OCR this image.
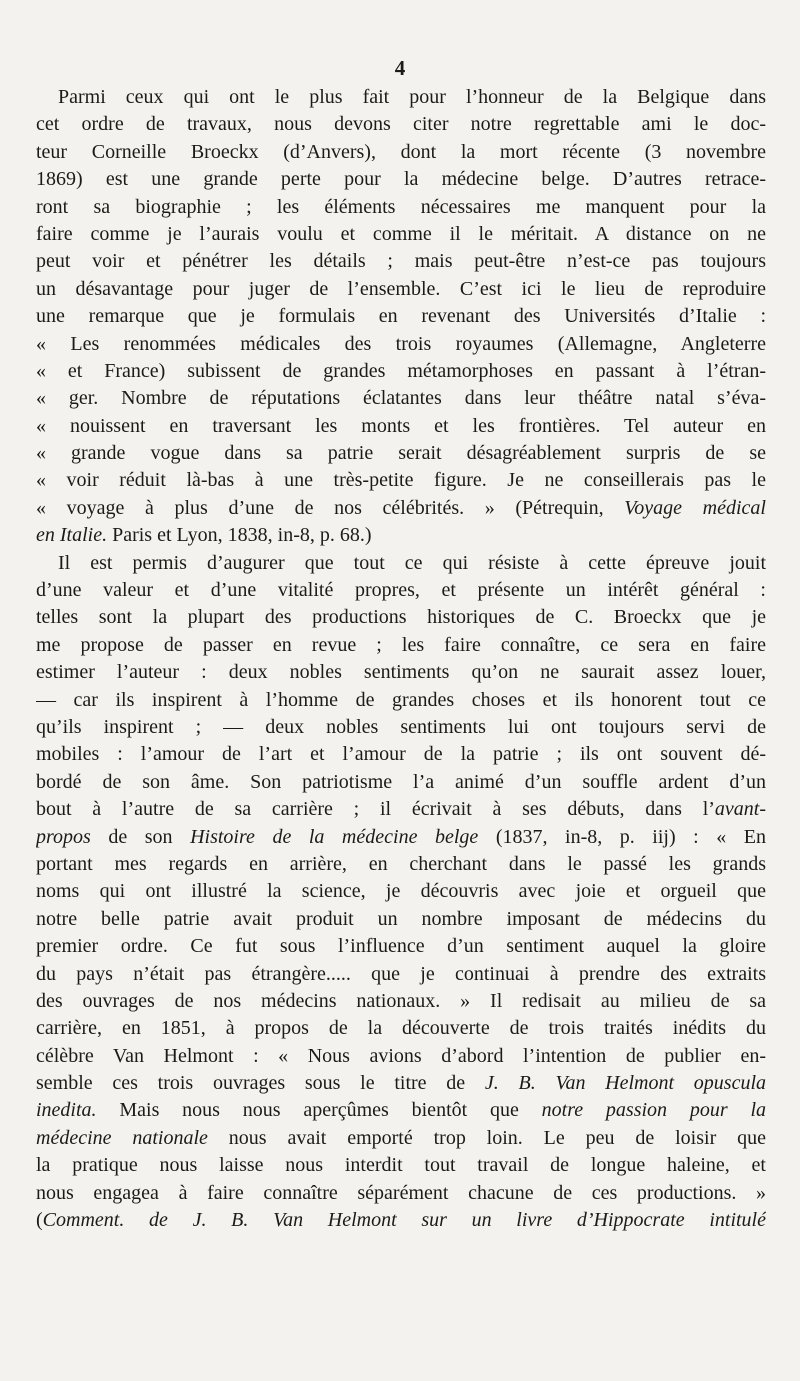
4
Parmi ceux qui ont le plus fait pour l’honneur de la Belgique dans
cet ordre de travaux, nous devons citer notre regrettable ami le doc-
teur Corneille Broeckx (d’Anvers), dont la mort récente (3 novembre
1869) est une grande perte pour la médecine belge. D’autres retrace-
ront sa biographie ; les éléments nécessaires me manquent pour la
faire comme je l’aurais voulu et comme il le méritait. A distance on ne
peut voir et pénétrer les détails ; mais peut-être n’est-ce pas toujours
un désavantage pour juger de l’ensemble. C’est ici le lieu de reproduire
une remarque que je formulais en revenant des Universités d’Italie :
« Les renommées médicales des trois royaumes (Allemagne, Angleterre
« et France) subissent de grandes métamorphoses en passant à l’étran-
« ger. Nombre de réputations éclatantes dans leur théâtre natal s’éva-
« nouissent en traversant les monts et les frontières. Tel auteur en
« grande vogue dans sa patrie serait désagréablement surpris de se
« voir réduit là-bas à une très-petite figure. Je ne conseillerais pas le
« voyage à plus d’une de nos célébrités. » (Pétrequin, Voyage médical
en Italie. Paris et Lyon, 1838, in-8, p. 68.)
Il est permis d’augurer que tout ce qui résiste à cette épreuve jouit
d’une valeur et d’une vitalité propres, et présente un intérêt général :
telles sont la plupart des productions historiques de C. Broeckx que je
me propose de passer en revue ; les faire connaître, ce sera en faire
estimer l’auteur : deux nobles sentiments qu’on ne saurait assez louer,
— car ils inspirent à l’homme de grandes choses et ils honorent tout ce
qu’ils inspirent ; — deux nobles sentiments lui ont toujours servi de
mobiles : l’amour de l’art et l’amour de la patrie ; ils ont souvent dé-
bordé de son âme. Son patriotisme l’a animé d’un souffle ardent d’un
bout à l’autre de sa carrière ; il écrivait à ses débuts, dans l’avant-
propos de son Histoire de la médecine belge (1837, in-8, p. iij) : « En
portant mes regards en arrière, en cherchant dans le passé les grands
noms qui ont illustré la science, je découvris avec joie et orgueil que
notre belle patrie avait produit un nombre imposant de médecins du
premier ordre. Ce fut sous l’influence d’un sentiment auquel la gloire
du pays n’était pas étrangère..... que je continuai à prendre des extraits
des ouvrages de nos médecins nationaux. » Il redisait au milieu de sa
carrière, en 1851, à propos de la découverte de trois traités inédits du
célèbre Van Helmont : « Nous avions d’abord l’intention de publier en-
semble ces trois ouvrages sous le titre de J. B. Van Helmont opuscula
inedita. Mais nous nous aperçûmes bientôt que notre passion pour la
médecine nationale nous avait emporté trop loin. Le peu de loisir que
la pratique nous laisse nous interdit tout travail de longue haleine, et
nous engagea à faire connaître séparément chacune de ces productions. »
(Comment. de J. B. Van Helmont sur un livre d’Hippocrate intitulé
